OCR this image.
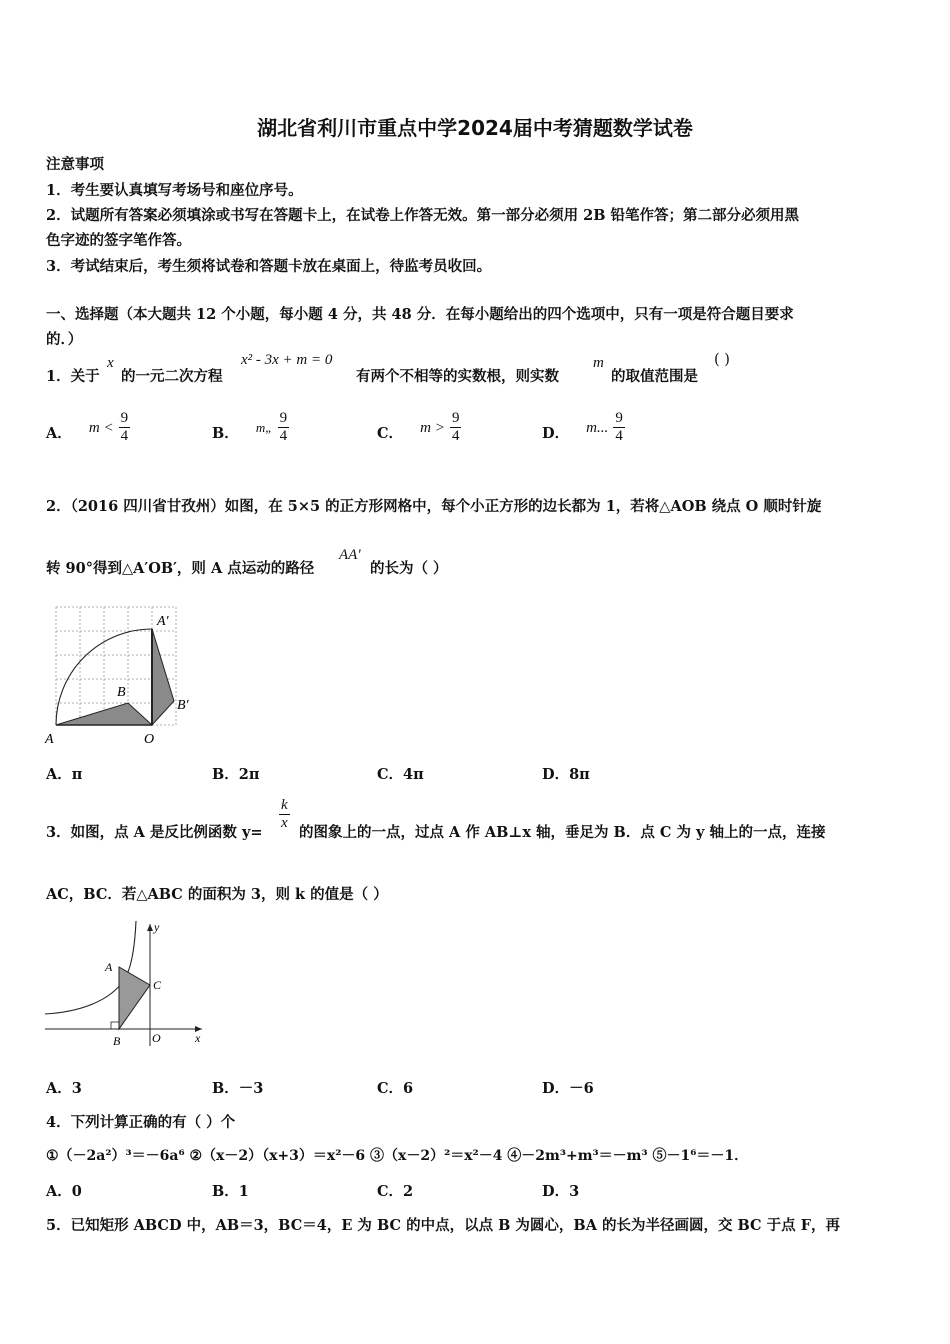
湖北省利川市重点中学2024届中考猜题数学试卷
注意事项
1．考生要认真填写考场号和座位序号。
2．试题所有答案必须填涂或书写在答题卡上，在试卷上作答无效。第一部分必须用 2B 铅笔作答；第二部分必须用黑
色字迹的签字笔作答。
3．考试结束后，考生须将试卷和答题卡放在桌面上，待监考员收回。
一、选择题（本大题共 12 个小题，每小题 4 分，共 48 分．在每小题给出的四个选项中，只有一项是符合题目要求
的．）
1．关于
x
的一元二次方程
x² - 3x + m = 0
有两个不相等的实数根，则实数
m
的取值范围是
( )
A． $m < \frac{9}{4}$	B． m„ $\frac{9}{4}$	C． $m > \frac{9}{4}$	D． m... $\frac{9}{4}$
2．（2016 四川省甘孜州）如图，在 5×5 的正方形网格中，每个小正方形的边长都为 1，若将△AOB 绕点 O 顺时针旋
转 90°得到△A′OB′，则 A 点运动的路径
AA'
的长为（ ）
A	O
B
A'
B'
A．π	B．2π	C．4π	D．8π
3．如图，点 A 是反比例函数 y=
$\frac{k}{x}$
的图象上的一点，过点 A 作 AB⊥x 轴，垂足为 B．点 C 为 y 轴上的一点，连接
AC，BC．若△ABC 的面积为 3，则 k 的值是（ ）
y
A
C
B	O	x
A．3	B．－3	C．6	D．－6
4．下列计算正确的有（ ）个
①（－2a²）³＝－6a⁶ ②（x－2）（x+3）＝x²－6 ③（x－2）²＝x²－4 ④－2m³+m³＝－m³ ⑤－1⁶＝－1．
A．0	B．1	C．2	D．3
5．已知矩形 ABCD 中，AB＝3，BC＝4，E 为 BC 的中点，以点 B 为圆心，BA 的长为半径画圆，交 BC 于点 F，再
